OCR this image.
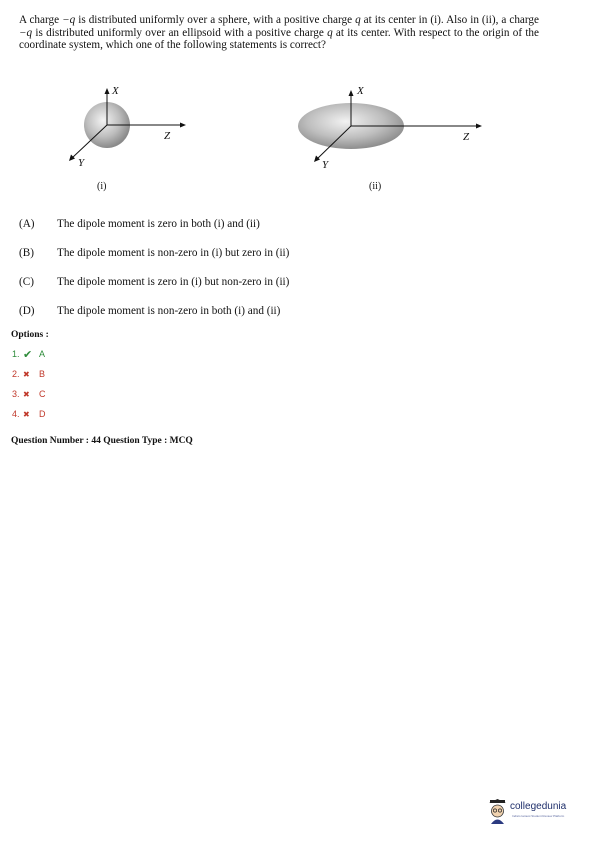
A charge −q is distributed uniformly over a sphere, with a positive charge q at its center in (i). Also in (ii), a charge −q is distributed uniformly over an ellipsoid with a positive charge q at its center. With respect to the origin of the coordinate system, which one of the following statements is correct?
X
Z
Y
(i)
X
Z
Y
(ii)
(A)	The dipole moment is zero in both (i) and (ii)
(B)	The dipole moment is non-zero in (i) but zero in (ii)
(C)	The dipole moment is zero in (i) but non-zero in (ii)
(D)	The dipole moment is non-zero in both (i) and (ii)
Options :
1. ✔ A
2. ✖	B
3. ✖	C
4. ✖	D
Question Number : 44 Question Type : MCQ
collegedunia
India's largest Student Review Platform
